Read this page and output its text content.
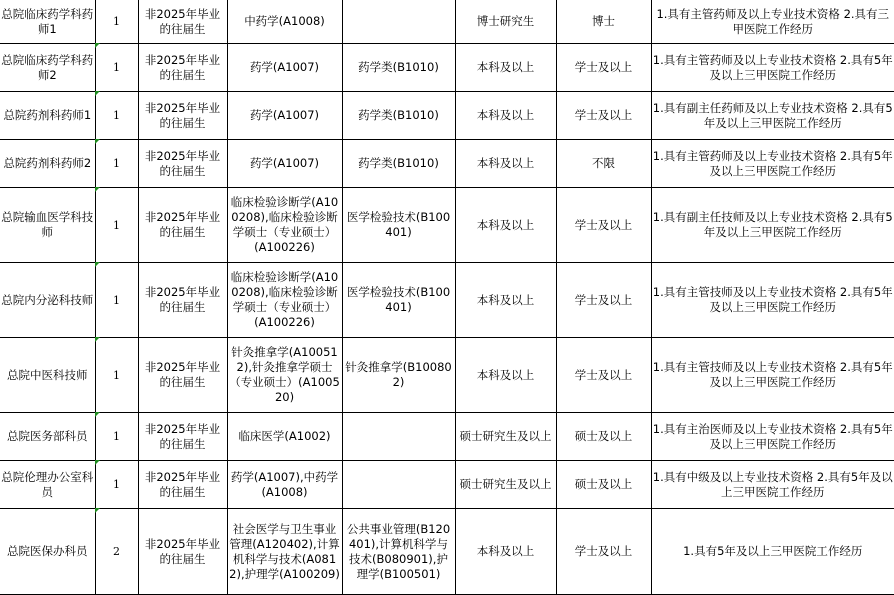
总院临床药学科药师1	1	非2025年毕业的往届生	中药学(A1008)		博士研究生	博士	1.具有主管药师及以上专业技术资格 2.具有三甲医院工作经历
总院临床药学科药师2	1	非2025年毕业的往届生	药学(A1007)	药学类(B1010)	本科及以上	学士及以上	1.具有主管药师及以上专业技术资格 2.具有5年及以上三甲医院工作经历
总院药剂科药师1	1	非2025年毕业的往届生	药学(A1007)	药学类(B1010)	本科及以上	学士及以上	1.具有副主任药师及以上专业技术资格 2.具有5年及以上三甲医院工作经历
总院药剂科药师2	1	非2025年毕业的往届生	药学(A1007)	药学类(B1010)	本科及以上	不限	1.具有主管药师及以上专业技术资格 2.具有5年及以上三甲医院工作经历
总院输血医学科技师	1	非2025年毕业的往届生	临床检验诊断学(A100208),临床检验诊断学硕士（专业硕士）(A100226)	医学检验技术(B100401)	本科及以上	学士及以上	1.具有副主任技师及以上专业技术资格 2.具有5年及以上三甲医院工作经历
总院内分泌科技师	1	非2025年毕业的往届生	临床检验诊断学(A100208),临床检验诊断学硕士（专业硕士）(A100226)	医学检验技术(B100401)	本科及以上	学士及以上	1.具有主管技师及以上专业技术资格 2.具有5年及以上三甲医院工作经历
总院中医科技师	1	非2025年毕业的往届生	针灸推拿学(A100512),针灸推拿学硕士（专业硕士）(A100520)	针灸推拿学(B100802)	本科及以上	学士及以上	1.具有主管技师及以上专业技术资格 2.具有5年及以上三甲医院工作经历
总院医务部科员	1	非2025年毕业的往届生	临床医学(A1002)		硕士研究生及以上	硕士及以上	1.具有主治医师及以上专业技术资格 2.具有5年及以上三甲医院工作经历
总院伦理办公室科员	1	非2025年毕业的往届生	药学(A1007),中药学(A1008)		硕士研究生及以上	硕士及以上	1.具有中级及以上专业技术资格 2.具有5年及以上三甲医院工作经历
总院医保办科员	2	非2025年毕业的往届生	社会医学与卫生事业管理(A120402),计算机科学与技术(A0812),护理学(A100209)	公共事业管理(B120401),计算机科学与技术(B080901),护理学(B100501)	本科及以上	学士及以上	1.具有5年及以上三甲医院工作经历
